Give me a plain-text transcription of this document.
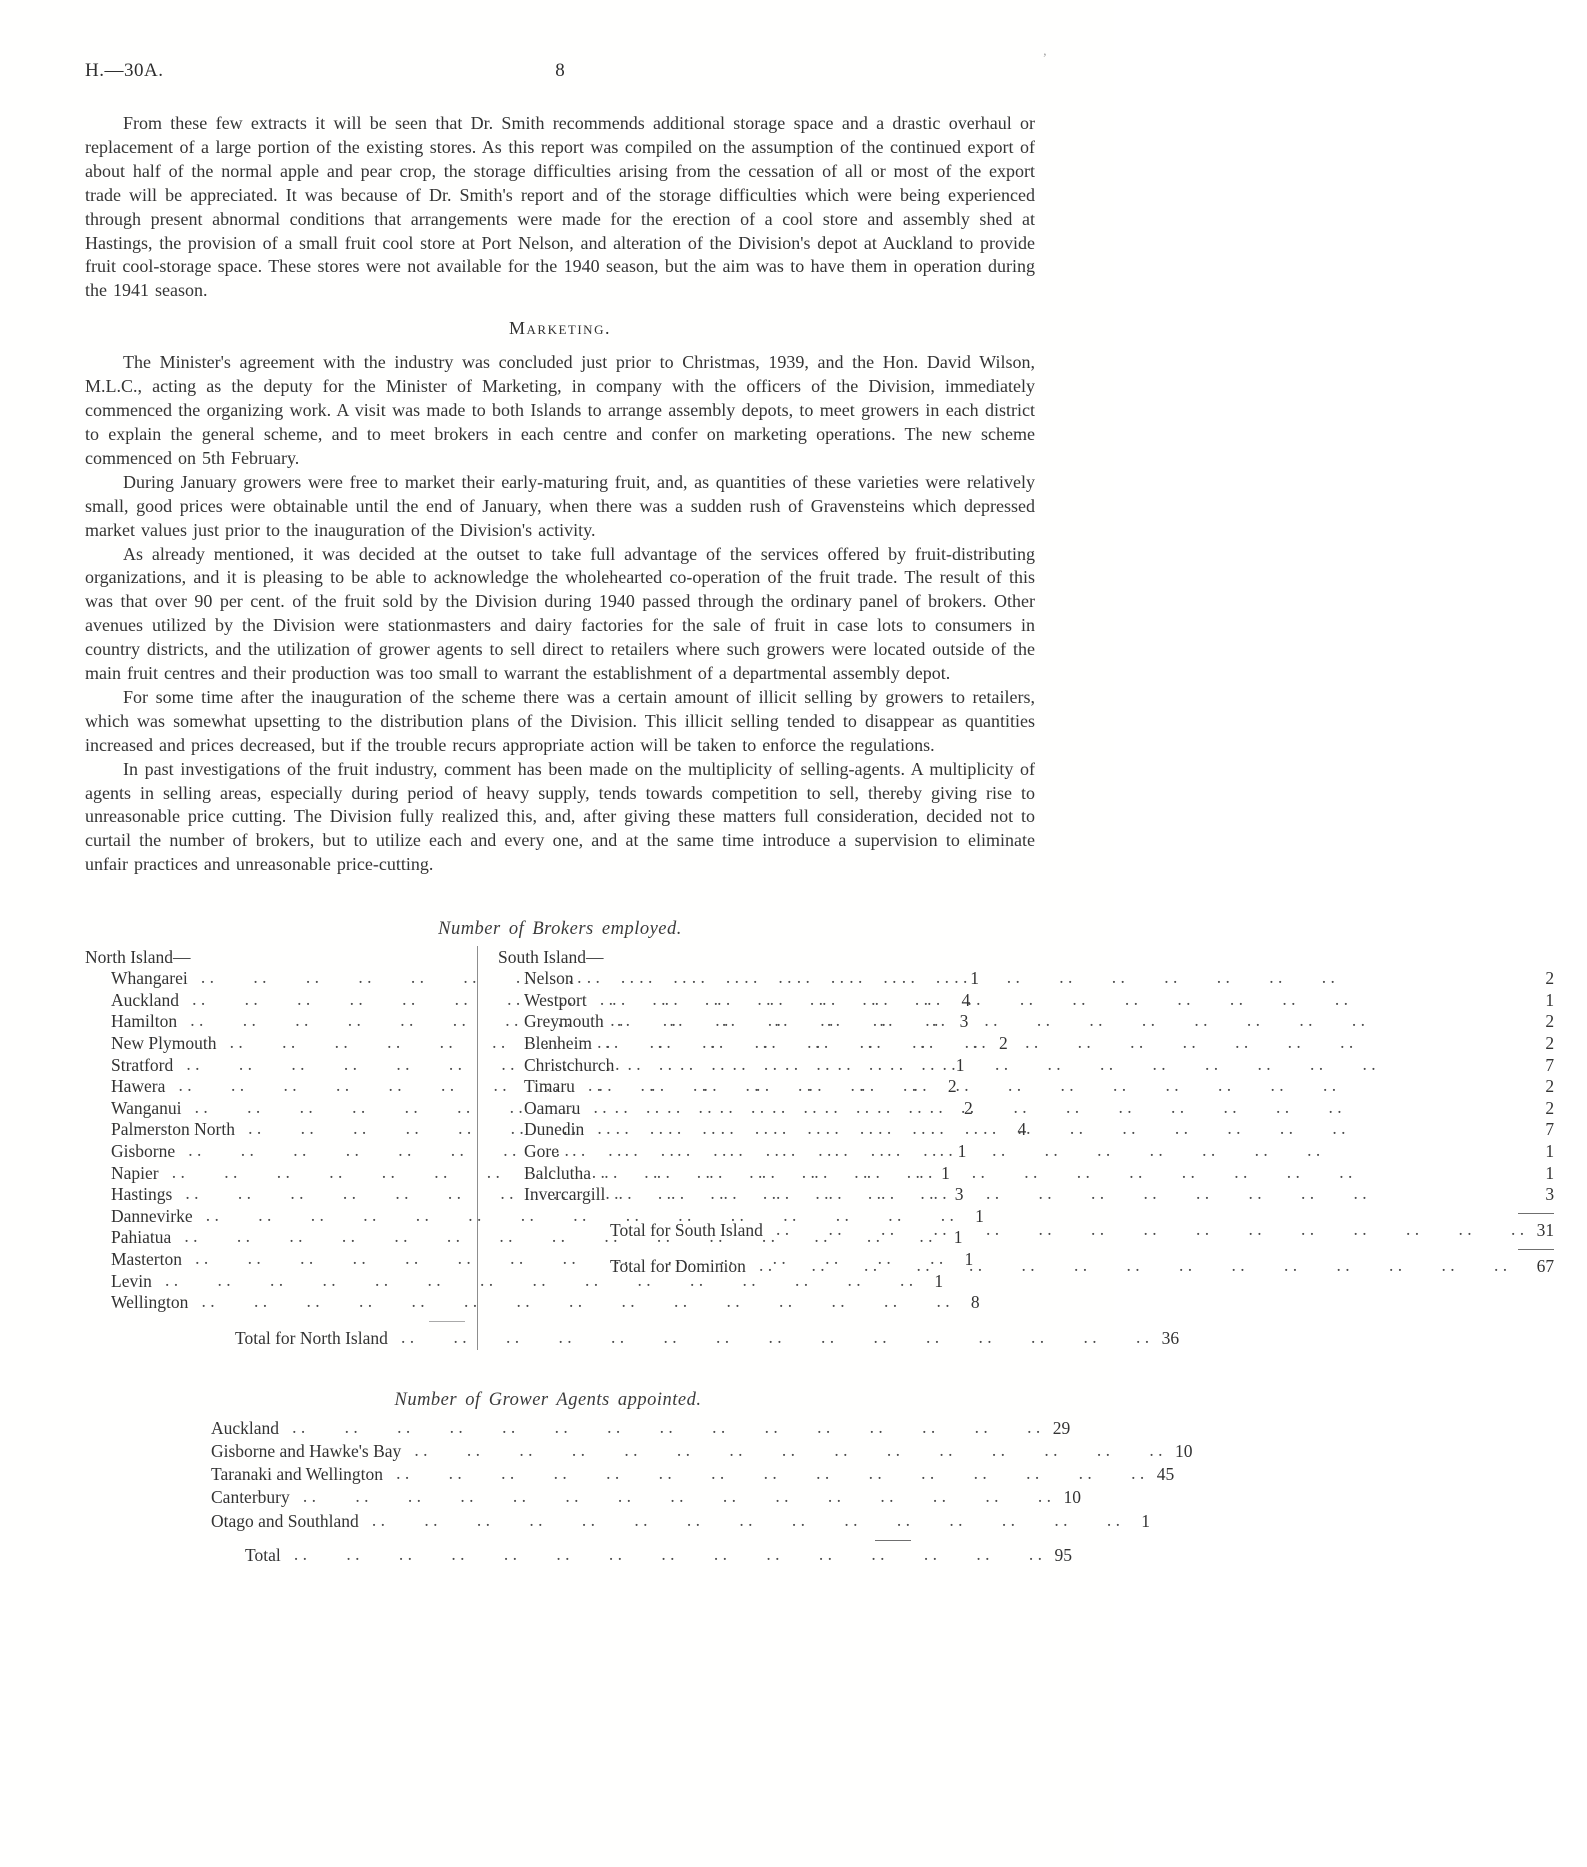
H.—30A.	8
’

From these few extracts it will be seen that Dr. Smith recommends additional storage space and a drastic overhaul or replacement of a large portion of the existing stores. As this report was compiled on the assumption of the continued export of about half of the normal apple and pear crop, the storage difficulties arising from the cessation of all or most of the export trade will be appreciated. It was because of Dr. Smith's report and of the storage difficulties which were being experienced through present abnormal conditions that arrangements were made for the erection of a cool store and assembly shed at Hastings, the provision of a small fruit cool store at Port Nelson, and alteration of the Division's depot at Auckland to provide fruit cool-storage space. These stores were not available for the 1940 season, but the aim was to have them in operation during the 1941 season.

Marketing.

The Minister's agreement with the industry was concluded just prior to Christmas, 1939, and the Hon. David Wilson, M.L.C., acting as the deputy for the Minister of Marketing, in company with the officers of the Division, immediately commenced the organizing work. A visit was made to both Islands to arrange assembly depots, to meet growers in each district to explain the general scheme, and to meet brokers in each centre and confer on marketing operations. The new scheme commenced on 5th February.

During January growers were free to market their early-maturing fruit, and, as quantities of these varieties were relatively small, good prices were obtainable until the end of January, when there was a sudden rush of Gravensteins which depressed market values just prior to the inauguration of the Division's activity.

As already mentioned, it was decided at the outset to take full advantage of the services offered by fruit-distributing organizations, and it is pleasing to be able to acknowledge the wholehearted co-operation of the fruit trade. The result of this was that over 90 per cent. of the fruit sold by the Division during 1940 passed through the ordinary panel of brokers. Other avenues utilized by the Division were stationmasters and dairy factories for the sale of fruit in case lots to consumers in country districts, and the utilization of grower agents to sell direct to retailers where such growers were located outside of the main fruit centres and their production was too small to warrant the establishment of a departmental assembly depot.

For some time after the inauguration of the scheme there was a certain amount of illicit selling by growers to retailers, which was somewhat upsetting to the distribution plans of the Division. This illicit selling tended to disappear as quantities increased and prices decreased, but if the trouble recurs appropriate action will be taken to enforce the regulations.

In past investigations of the fruit industry, comment has been made on the multiplicity of selling-agents. A multiplicity of agents in selling areas, especially during period of heavy supply, tends towards competition to sell, thereby giving rise to unreasonable price cutting. The Division fully realized this, and, after giving these matters full consideration, decided not to curtail the number of brokers, but to utilize each and every one, and at the same time introduce a supervision to eliminate unfair practices and unreasonable price-cutting.

Number of Brokers employed.
North Island—
Whangarei . .	1
Auckland . .	4
Hamilton . .	3
New Plymouth . .	2
Stratford . .	1
Hawera . .	2
Wanganui . .	2
Palmerston North . .	4
Gisborne . .	1
Napier . .	1
Hastings . .	3
Dannevirke . .	1
Pahiatua . .	1
Masterton . .	1
Levin . .	1
Wellington . .	8
Total for North Island . .	36
South Island—
Nelson . .	2
Westport . .	1
Greymouth . .	2
Blenheim . .	2
Christchurch . .	7
Timaru . .	2
Oamaru . .	2
Dunedin . .	7
Gore . .	1
Balclutha . .	1
Invercargill . .	3
Total for South Island . .	31
Total for Dominion . .	67
Number of Grower Agents appointed.
Auckland . .	29
Gisborne and Hawke's Bay . .	10
Taranaki and Wellington . .	45
Canterbury . .	10
Otago and Southland . .	1
Total . .	95
